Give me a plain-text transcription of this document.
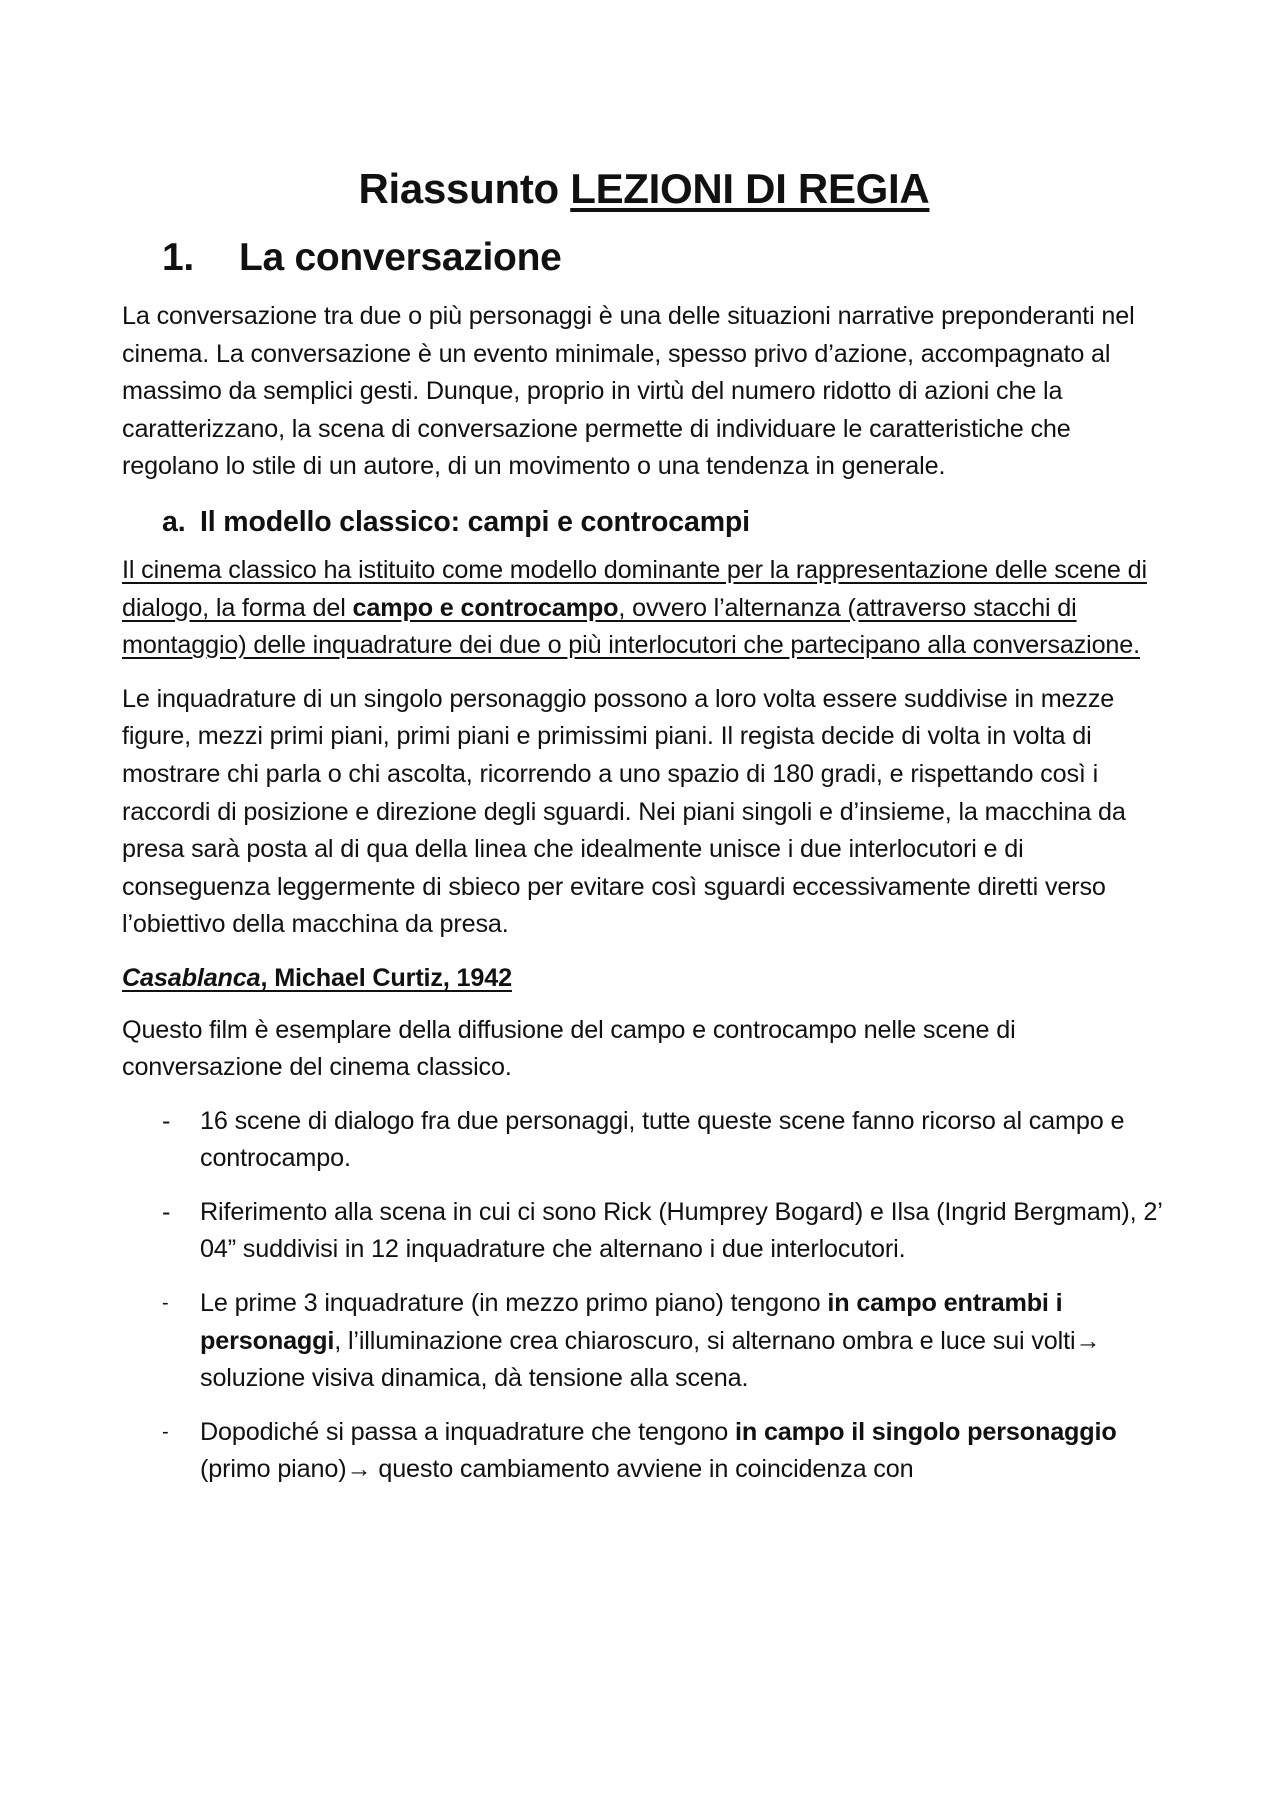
Riassunto LEZIONI DI REGIA
1.	La conversazione

La conversazione tra due o più personaggi è una delle situazioni narrative preponderanti nel cinema. La conversazione è un evento minimale, spesso privo d’azione, accompagnato al massimo da semplici gesti. Dunque, proprio in virtù del numero ridotto di azioni che la caratterizzano, la scena di conversazione permette di individuare le caratteristiche che regolano lo stile di un autore, di un movimento o una tendenza in generale.

a. Il modello classico: campi e controcampi

Il cinema classico ha istituito come modello dominante per la rappresentazione delle scene di dialogo, la forma del campo e controcampo, ovvero l’alternanza (attraverso stacchi di montaggio) delle inquadrature dei due o più interlocutori che partecipano alla conversazione.

Le inquadrature di un singolo personaggio possono a loro volta essere suddivise in mezze figure, mezzi primi piani, primi piani e primissimi piani. Il regista decide di volta in volta di mostrare chi parla o chi ascolta, ricorrendo a uno spazio di 180 gradi, e rispettando così i raccordi di posizione e direzione degli sguardi. Nei piani singoli e d’insieme, la macchina da presa sarà posta al di qua della linea che idealmente unisce i due interlocutori e di conseguenza leggermente di sbieco per evitare così sguardi eccessivamente diretti verso l’obiettivo della macchina da presa.

Casablanca, Michael Curtiz, 1942

Questo film è esemplare della diffusione del campo e controcampo nelle scene di conversazione del cinema classico.

-	16 scene di dialogo fra due personaggi, tutte queste scene fanno ricorso al campo e controcampo.
-	Riferimento alla scena in cui ci sono Rick (Humprey Bogard) e Ilsa (Ingrid Bergmam), 2’ 04” suddivisi in 12 inquadrature che alternano i due interlocutori.
-	Le prime 3 inquadrature (in mezzo primo piano) tengono in campo entrambi i personaggi, l’illuminazione crea chiaroscuro, si alternano ombra e luce sui volti→ soluzione visiva dinamica, dà tensione alla scena.
-	Dopodiché si passa a inquadrature che tengono in campo il singolo personaggio (primo piano)→ questo cambiamento avviene in coincidenza con
